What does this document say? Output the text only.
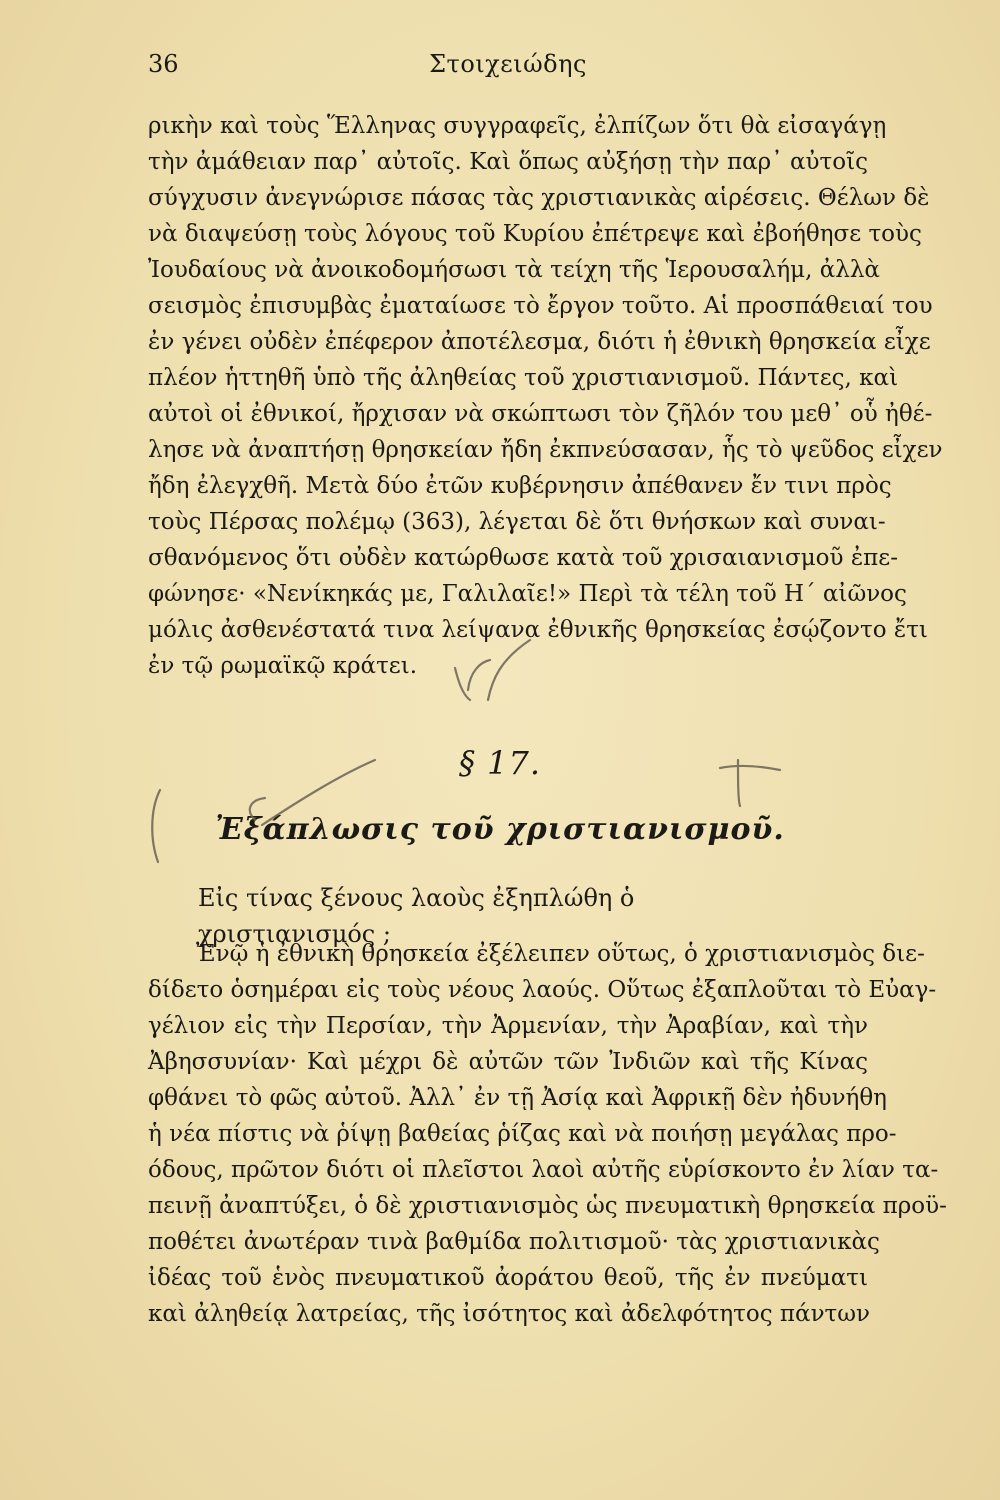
36	Στοιχειώδης
ρικὴν καὶ τοὺς Ἕλληνας συγγραφεῖς, ἐλπίζων ὅτι θὰ εἰσαγάγῃ
τὴν ἀμάθειαν παρ᾽ αὐτοῖς. Καὶ ὅπως αὐξήσῃ τὴν παρ᾽ αὐτοῖς
σύγχυσιν ἀνεγνώρισε πάσας τὰς χριστιανικὰς αἱρέσεις. Θέλων δὲ
νὰ διαψεύσῃ τοὺς λόγους τοῦ Κυρίου ἐπέτρεψε καὶ ἐβοήθησε τοὺς
Ἰουδαίους νὰ ἀνοικοδομήσωσι τὰ τείχη τῆς Ἱερουσαλήμ, ἀλλὰ
σεισμὸς ἐπισυμβὰς ἐματαίωσε τὸ ἔργον τοῦτο. Αἱ προσπάθειαί του
ἐν γένει οὐδὲν ἐπέφερον ἀποτέλεσμα, διότι ἡ ἐθνικὴ θρησκεία εἶχε
πλέον ἡττηθῆ ὑπὸ τῆς ἀληθείας τοῦ χριστιανισμοῦ. Πάντες, καὶ
αὐτοὶ οἱ ἐθνικοί, ἤρχισαν νὰ σκώπτωσι τὸν ζῆλόν του μεθ᾽ οὗ ἠθέ-
λησε νὰ ἀναπτήσῃ θρησκείαν ἤδη ἐκπνεύσασαν, ἧς τὸ ψεῦδος εἶχεν
ἤδη ἐλεγχθῆ. Μετὰ δύο ἐτῶν κυβέρνησιν ἀπέθανεν ἔν τινι πρὸς
τοὺς Πέρσας πολέμῳ (363), λέγεται δὲ ὅτι θνήσκων καὶ συναι-
σθανόμενος ὅτι οὐδὲν κατώρθωσε κατὰ τοῦ χρισαιανισμοῦ ἐπε-
φώνησε· «Νενίκηκάς με, Γαλιλαῖε!» Περὶ τὰ τέλη τοῦ Η΄ αἰῶνος
μόλις ἀσθενέστατά τινα λείψανα ἐθνικῆς θρησκείας ἐσῴζοντο ἔτι
ἐν τῷ ρωμαϊκῷ κράτει.
§ 17.
Ἐξάπλωσις τοῦ χριστιανισμοῦ.
Εἰς τίνας ξένους λαοὺς ἐξηπλώθη ὁ χριστιανισμός ;
Ἐνῷ ἡ ἐθνικὴ θρησκεία ἐξέλειπεν οὕτως, ὁ χριστιανισμὸς διε-
δίδετο ὁσημέραι εἰς τοὺς νέους λαούς. Οὕτως ἐξαπλοῦται τὸ Εὐαγ-
γέλιον εἰς τὴν Περσίαν, τὴν Ἀρμενίαν, τὴν Ἀραβίαν, καὶ τὴν
Ἀβησσυνίαν· Καὶ μέχρι δὲ αὐτῶν τῶν Ἰνδιῶν καὶ τῆς Κίνας
φθάνει τὸ φῶς αὐτοῦ. Ἀλλ᾽ ἐν τῇ Ἀσίᾳ καὶ Ἀφρικῇ δὲν ἠδυνήθη
ἡ νέα πίστις νὰ ῥίψῃ βαθείας ῥίζας καὶ νὰ ποιήσῃ μεγάλας προ-
όδους, πρῶτον διότι οἱ πλεῖστοι λαοὶ αὐτῆς εὑρίσκοντο ἐν λίαν τα-
πεινῇ ἀναπτύξει, ὁ δὲ χριστιανισμὸς ὡς πνευματικὴ θρησκεία προϋ-
ποθέτει ἀνωτέραν τινὰ βαθμίδα πολιτισμοῦ· τὰς χριστιανικὰς
ἰδέας τοῦ ἑνὸς πνευματικοῦ ἀοράτου θεοῦ, τῆς ἐν πνεύματι
καὶ ἀληθείᾳ λατρείας, τῆς ἰσότητος καὶ ἀδελφότητος πάντων
